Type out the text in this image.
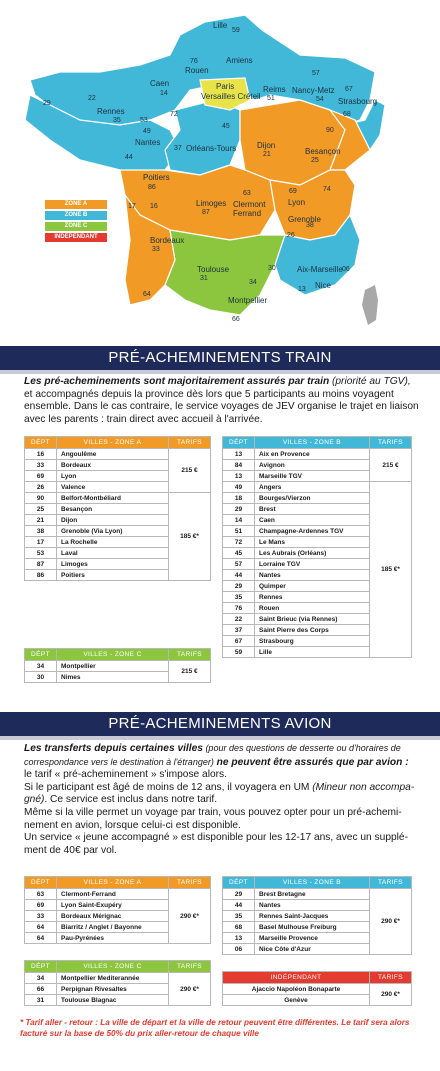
Lille
59
Amiens
76
Rouen
Caen
14
Paris
Versailles Créteil
Reims
51
57
Nancy-Metz
54
67
Strasbourg
68
22
29
Rennes
35	53
72
49
Nantes
44
45
Orléans-Tours
37	Dijon
21
90
Besançon
25
Poitiers
86
17 16	Limoges
87
63
Clermont Ferrand
69
Lyon
74
Grenoble
38
26
Bordeaux
33
64
Toulouse
31
34
30
Montpellier
66
Aix-Marseille 06
13 Nice
ZONE A
ZONE B
ZONE C
INDEPENDANT
PRÉ-ACHEMINEMENTS TRAIN

Les pré-acheminements sont majoritairement assurés par train (priorité au TGV), et accompagnés depuis la province dès lors que 5 participants au moins voyagent ensemble. Dans le cas contraire, le service voyages de JEV organise le trajet en liaison avec les parents : train direct avec accueil à l'arrivée.

DÉPT	VILLES - ZONE A	TARIFS
16	Angoulême	215 €
33	Bordeaux	
69	Lyon	
26	Valence	
90	Belfort-Montbéliard	185 €*
25	Besançon	
21	Dijon	
38	Grenoble (Via Lyon)	
17	La Rochelle	
53	Laval	
87	Limoges	
86	Poitiers	
DÉPT	VILLES - ZONE B	TARIFS
13	Aix en Provence	215 €
84	Avignon	
13	Marseille TGV	
49	Angers	185 €*
18	Bourges/Vierzon	
29	Brest	
14	Caen	
51	Champagne-Ardennes TGV	
72	Le Mans	
45	Les Aubrais (Orléans)	
57	Lorraine TGV	
44	Nantes	
29	Quimper	
35	Rennes	
76	Rouen	
22	Saint Brieuc (via Rennes)	
37	Saint Pierre des Corps	
67	Strasbourg	
59	Lille	
DÉPT	VILLES - ZONE C	TARIFS
34	Montpellier	215 €
30	Nimes	
PRÉ-ACHEMINEMENTS AVION

Les transferts depuis certaines villes (pour des questions de desserte ou d'horaires de correspondance vers le destination à l'étranger) ne peuvent être assurés que par avion : le tarif « pré-acheminement » s'impose alors.

Si le participant est âgé de moins de 12 ans, il voyagera en UM (Mineur non accompa-gné). Ce service est inclus dans notre tarif.

Même si la ville permet un voyage par train, vous pouvez opter pour un pré-achemi-nement en avion, lorsque celui-ci est disponible.

Un service « jeune accompagné » est disponible pour les 12-17 ans, avec un supplé-ment de 40€ par vol.

DÉPT	VILLES - ZONE A	TARIFS
63	Clermont-Ferrand	290 €*
69	Lyon Saint-Exupéry	
33	Bordeaux Mérignac	
64	Biarritz / Anglet / Bayonne	
64	Pau-Pyrénées	
DÉPT	VILLES - ZONE B	TARIFS
29	Brest Bretagne	290 €*
44	Nantes	
35	Rennes Saint-Jacques	
68	Basel Mulhouse Freiburg	
13	Marseille Provence	
06	Nice Côte d'Azur	
DÉPT	VILLES - ZONE C	TARIFS
34	Montpellier Mediterannée	290 €*
66	Perpignan Rivesaltes	
31	Toulouse Blagnac	
INDÉPENDANT	TARIFS
Ajaccio Napoléon Bonaparte	290 €*
Genève	
* Tarif aller - retour : La ville de départ et la ville de retour peuvent être différentes. Le tarif sera alors facturé sur la base de 50% du prix aller-retour de chaque ville
